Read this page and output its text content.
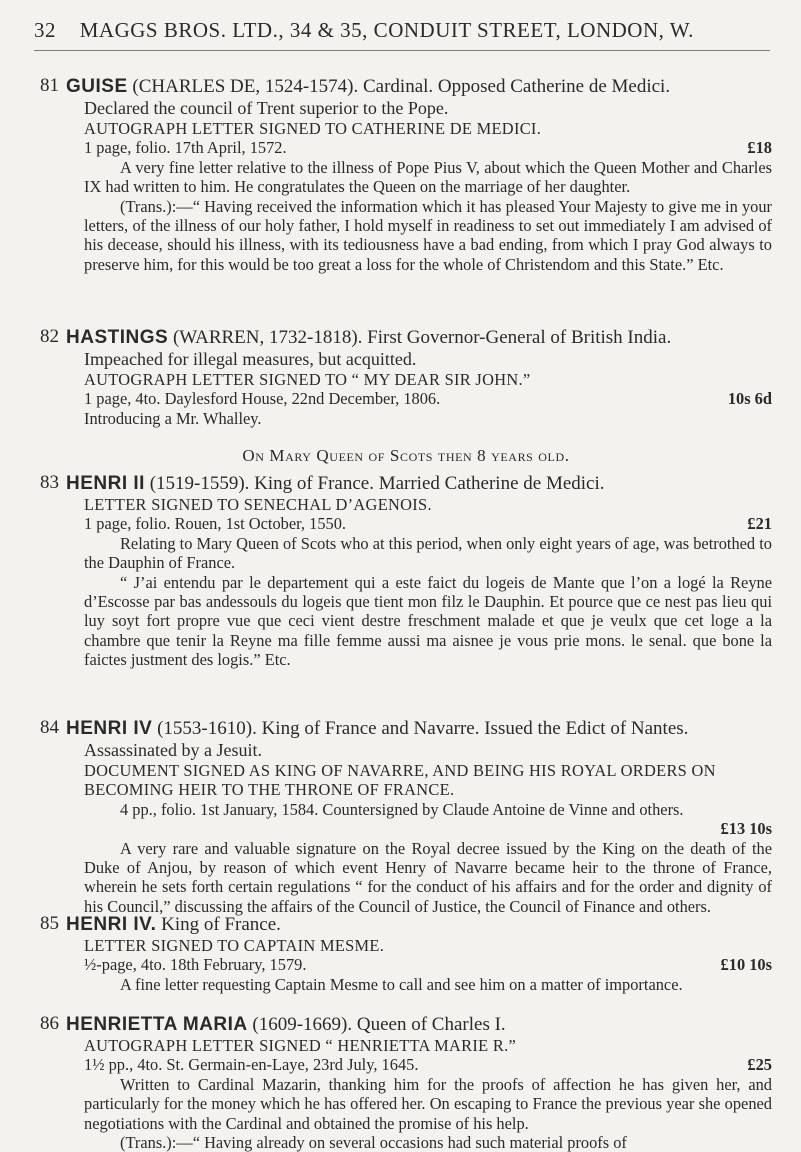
32 MAGGS BROS. LTD., 34 & 35, CONDUIT STREET, LONDON, W.
81 GUISE (CHARLES DE, 1524-1574). Cardinal. Opposed Catherine de Medici.
Declared the council of Trent superior to the Pope.
AUTOGRAPH LETTER SIGNED TO CATHERINE DE MEDICI.
1 page, folio. 17th April, 1572.	£18
A very fine letter relative to the illness of Pope Pius V, about which the Queen Mother and Charles IX had written to him. He congratulates the Queen on the marriage of her daughter.
(Trans.):—“ Having received the information which it has pleased Your Majesty to give me in your letters, of the illness of our holy father, I hold myself in readiness to set out immediately I am advised of his decease, should his illness, with its tediousness have a bad ending, from which I pray God always to preserve him, for this would be too great a loss for the whole of Christendom and this State.” Etc.
82 HASTINGS (WARREN, 1732-1818). First Governor-General of British India.
Impeached for illegal measures, but acquitted.
AUTOGRAPH LETTER SIGNED TO “ MY DEAR SIR JOHN.”
1 page, 4to. Daylesford House, 22nd December, 1806.	10s 6d
Introducing a Mr. Whalley.
On Mary Queen of Scots then 8 years old.
83 HENRI II (1519-1559). King of France. Married Catherine de Medici.
LETTER SIGNED TO SENECHAL D’AGENOIS.
1 page, folio. Rouen, 1st October, 1550.	£21
Relating to Mary Queen of Scots who at this period, when only eight years of age, was betrothed to the Dauphin of France.
“ J’ai entendu par le departement qui a este faict du logeis de Mante que l’on a logé la Reyne d’Escosse par bas andessouls du logeis que tient mon filz le Dauphin. Et pource que ce nest pas lieu qui luy soyt fort propre vue que ceci vient destre freschment malade et que je veulx que cet loge a la chambre que tenir la Reyne ma fille femme aussi ma aisnee je vous prie mons. le senal. que bone la faictes justment des logis.” Etc.
84 HENRI IV (1553-1610). King of France and Navarre. Issued the Edict of Nantes.
Assassinated by a Jesuit.
DOCUMENT SIGNED AS KING OF NAVARRE, AND BEING HIS ROYAL ORDERS ON BECOMING HEIR TO THE THRONE OF FRANCE.
4 pp., folio. 1st January, 1584. Countersigned by Claude Antoine de Vinne and others.
£13 10s
A very rare and valuable signature on the Royal decree issued by the King on the death of the Duke of Anjou, by reason of which event Henry of Navarre became heir to the throne of France, wherein he sets forth certain regulations “ for the conduct of his affairs and for the order and dignity of his Council,” discussing the affairs of the Council of Justice, the Council of Finance and others.
85 HENRI IV. King of France.
LETTER SIGNED TO CAPTAIN MESME.
½-page, 4to. 18th February, 1579.	£10 10s
A fine letter requesting Captain Mesme to call and see him on a matter of importance.
86 HENRIETTA MARIA (1609-1669). Queen of Charles I.
AUTOGRAPH LETTER SIGNED “ HENRIETTA MARIE R.”
1½ pp., 4to. St. Germain-en-Laye, 23rd July, 1645.	£25
Written to Cardinal Mazarin, thanking him for the proofs of affection he has given her, and particularly for the money which he has offered her. On escaping to France the previous year she opened negotiations with the Cardinal and obtained the promise of his help.
(Trans.):—“ Having already on several occasions had such material proofs of
